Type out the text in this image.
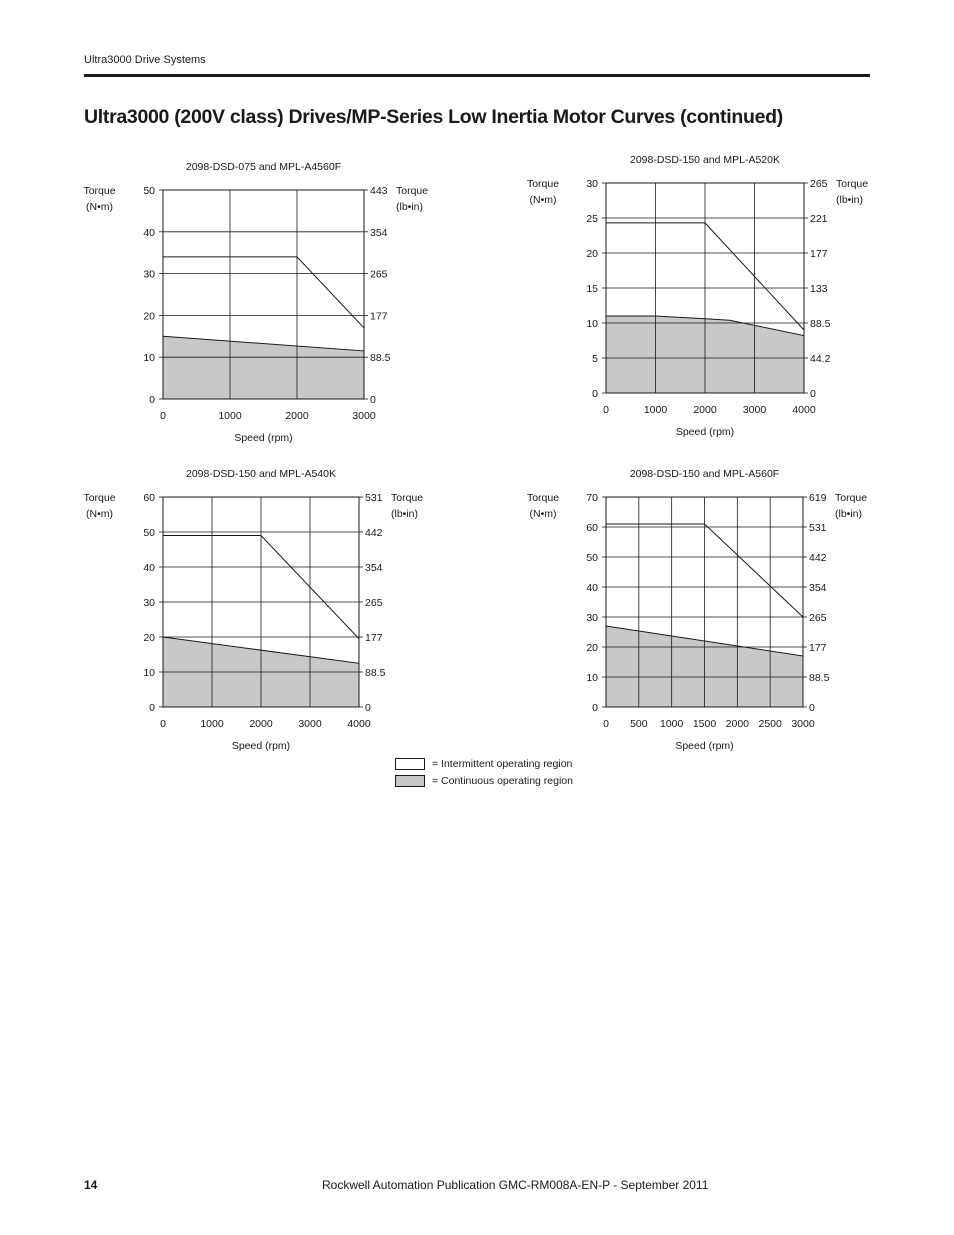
Ultra3000 Drive Systems
Ultra3000 (200V class) Drives/MP-Series Low Inertia Motor Curves (continued)
2098-DSD-075 and MPL-A4560F
0
10
20
30
40
50
0
88.5
177
265
354
443
0	1000	2000	3000
Torque
(N•m)
Torque
(lb•in)
Speed (rpm)
2098-DSD-150 and MPL-A520K
0
5
10
15
20
25
30
0
44.2
88.5
133
177
221
265
0	1000 2000 3000 4000
Torque
(N•m)
Torque
(lb•in)
Speed (rpm)
2098-DSD-150 and MPL-A540K
0
10
20
30
40
50
60
0
88.5
177
265
354
442
531
0	1000 2000 3000 4000
Torque
(N•m)
Torque
(lb•in)
Speed (rpm)
2098-DSD-150 and MPL-A560F
0
10
20
30
40
50
60
70
0
88.5
177
265
354
442
531
619
0 500 1000 1500 2000 2500 3000
Torque
(N•m)
Torque
(lb•in)
Speed (rpm)
= Intermittent operating region
= Continuous operating region
14	Rockwell Automation Publication GMC-RM008A-EN-P - September 2011
